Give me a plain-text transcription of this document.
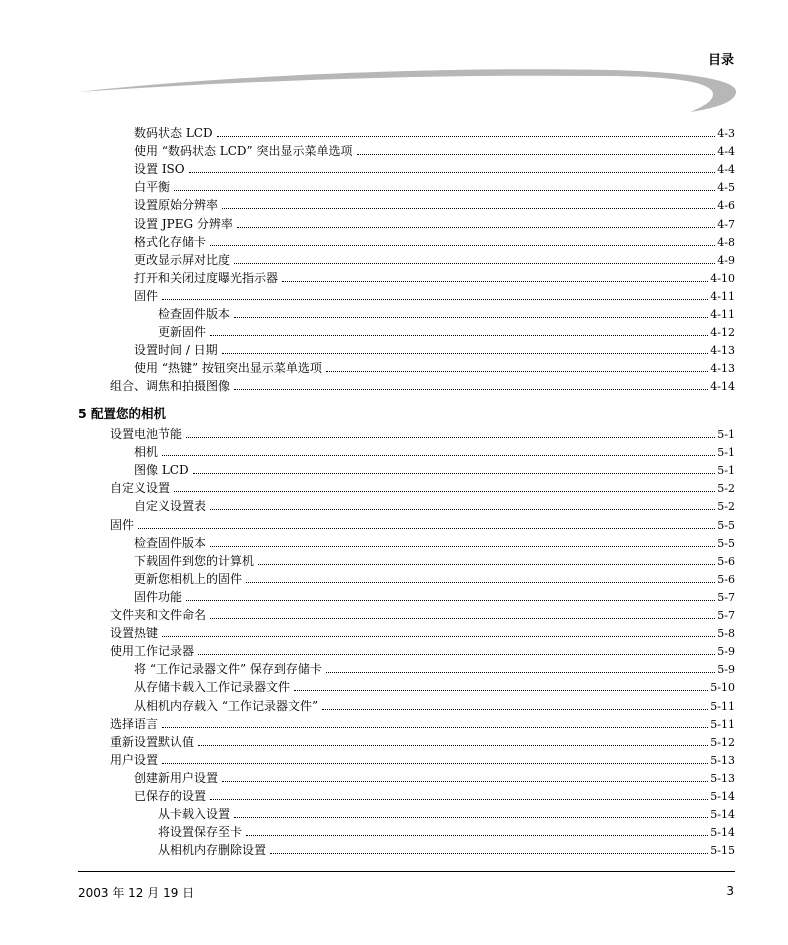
目录
2003 年 12 月 19 日	3
数码状态 LCD	4-3
使用 “数码状态 LCD” 突出显示菜单选项	4-4
设置 ISO	4-4
白平衡	4-5
设置原始分辨率	4-6
设置 JPEG 分辨率	4-7
格式化存储卡	4-8
更改显示屏对比度	4-9
打开和关闭过度曝光指示器	4-10
固件	4-11
检查固件版本	4-11
更新固件	4-12
设置时间 / 日期	4-13
使用 “热键” 按钮突出显示菜单选项	4-13
组合、调焦和拍摄图像	4-14
5 配置您的相机
设置电池节能	5-1
相机	5-1
图像 LCD	5-1
自定义设置	5-2
自定义设置表	5-2
固件	5-5
检查固件版本	5-5
下载固件到您的计算机	5-6
更新您相机上的固件	5-6
固件功能	5-7
文件夹和文件命名	5-7
设置热键	5-8
使用工作记录器	5-9
将 “工作记录器文件” 保存到存储卡	5-9
从存储卡载入工作记录器文件	5-10
从相机内存载入 “工作记录器文件”	5-11
选择语言	5-11
重新设置默认值	5-12
用户设置	5-13
创建新用户设置	5-13
已保存的设置	5-14
从卡载入设置	5-14
将设置保存至卡	5-14
从相机内存删除设置	5-15
